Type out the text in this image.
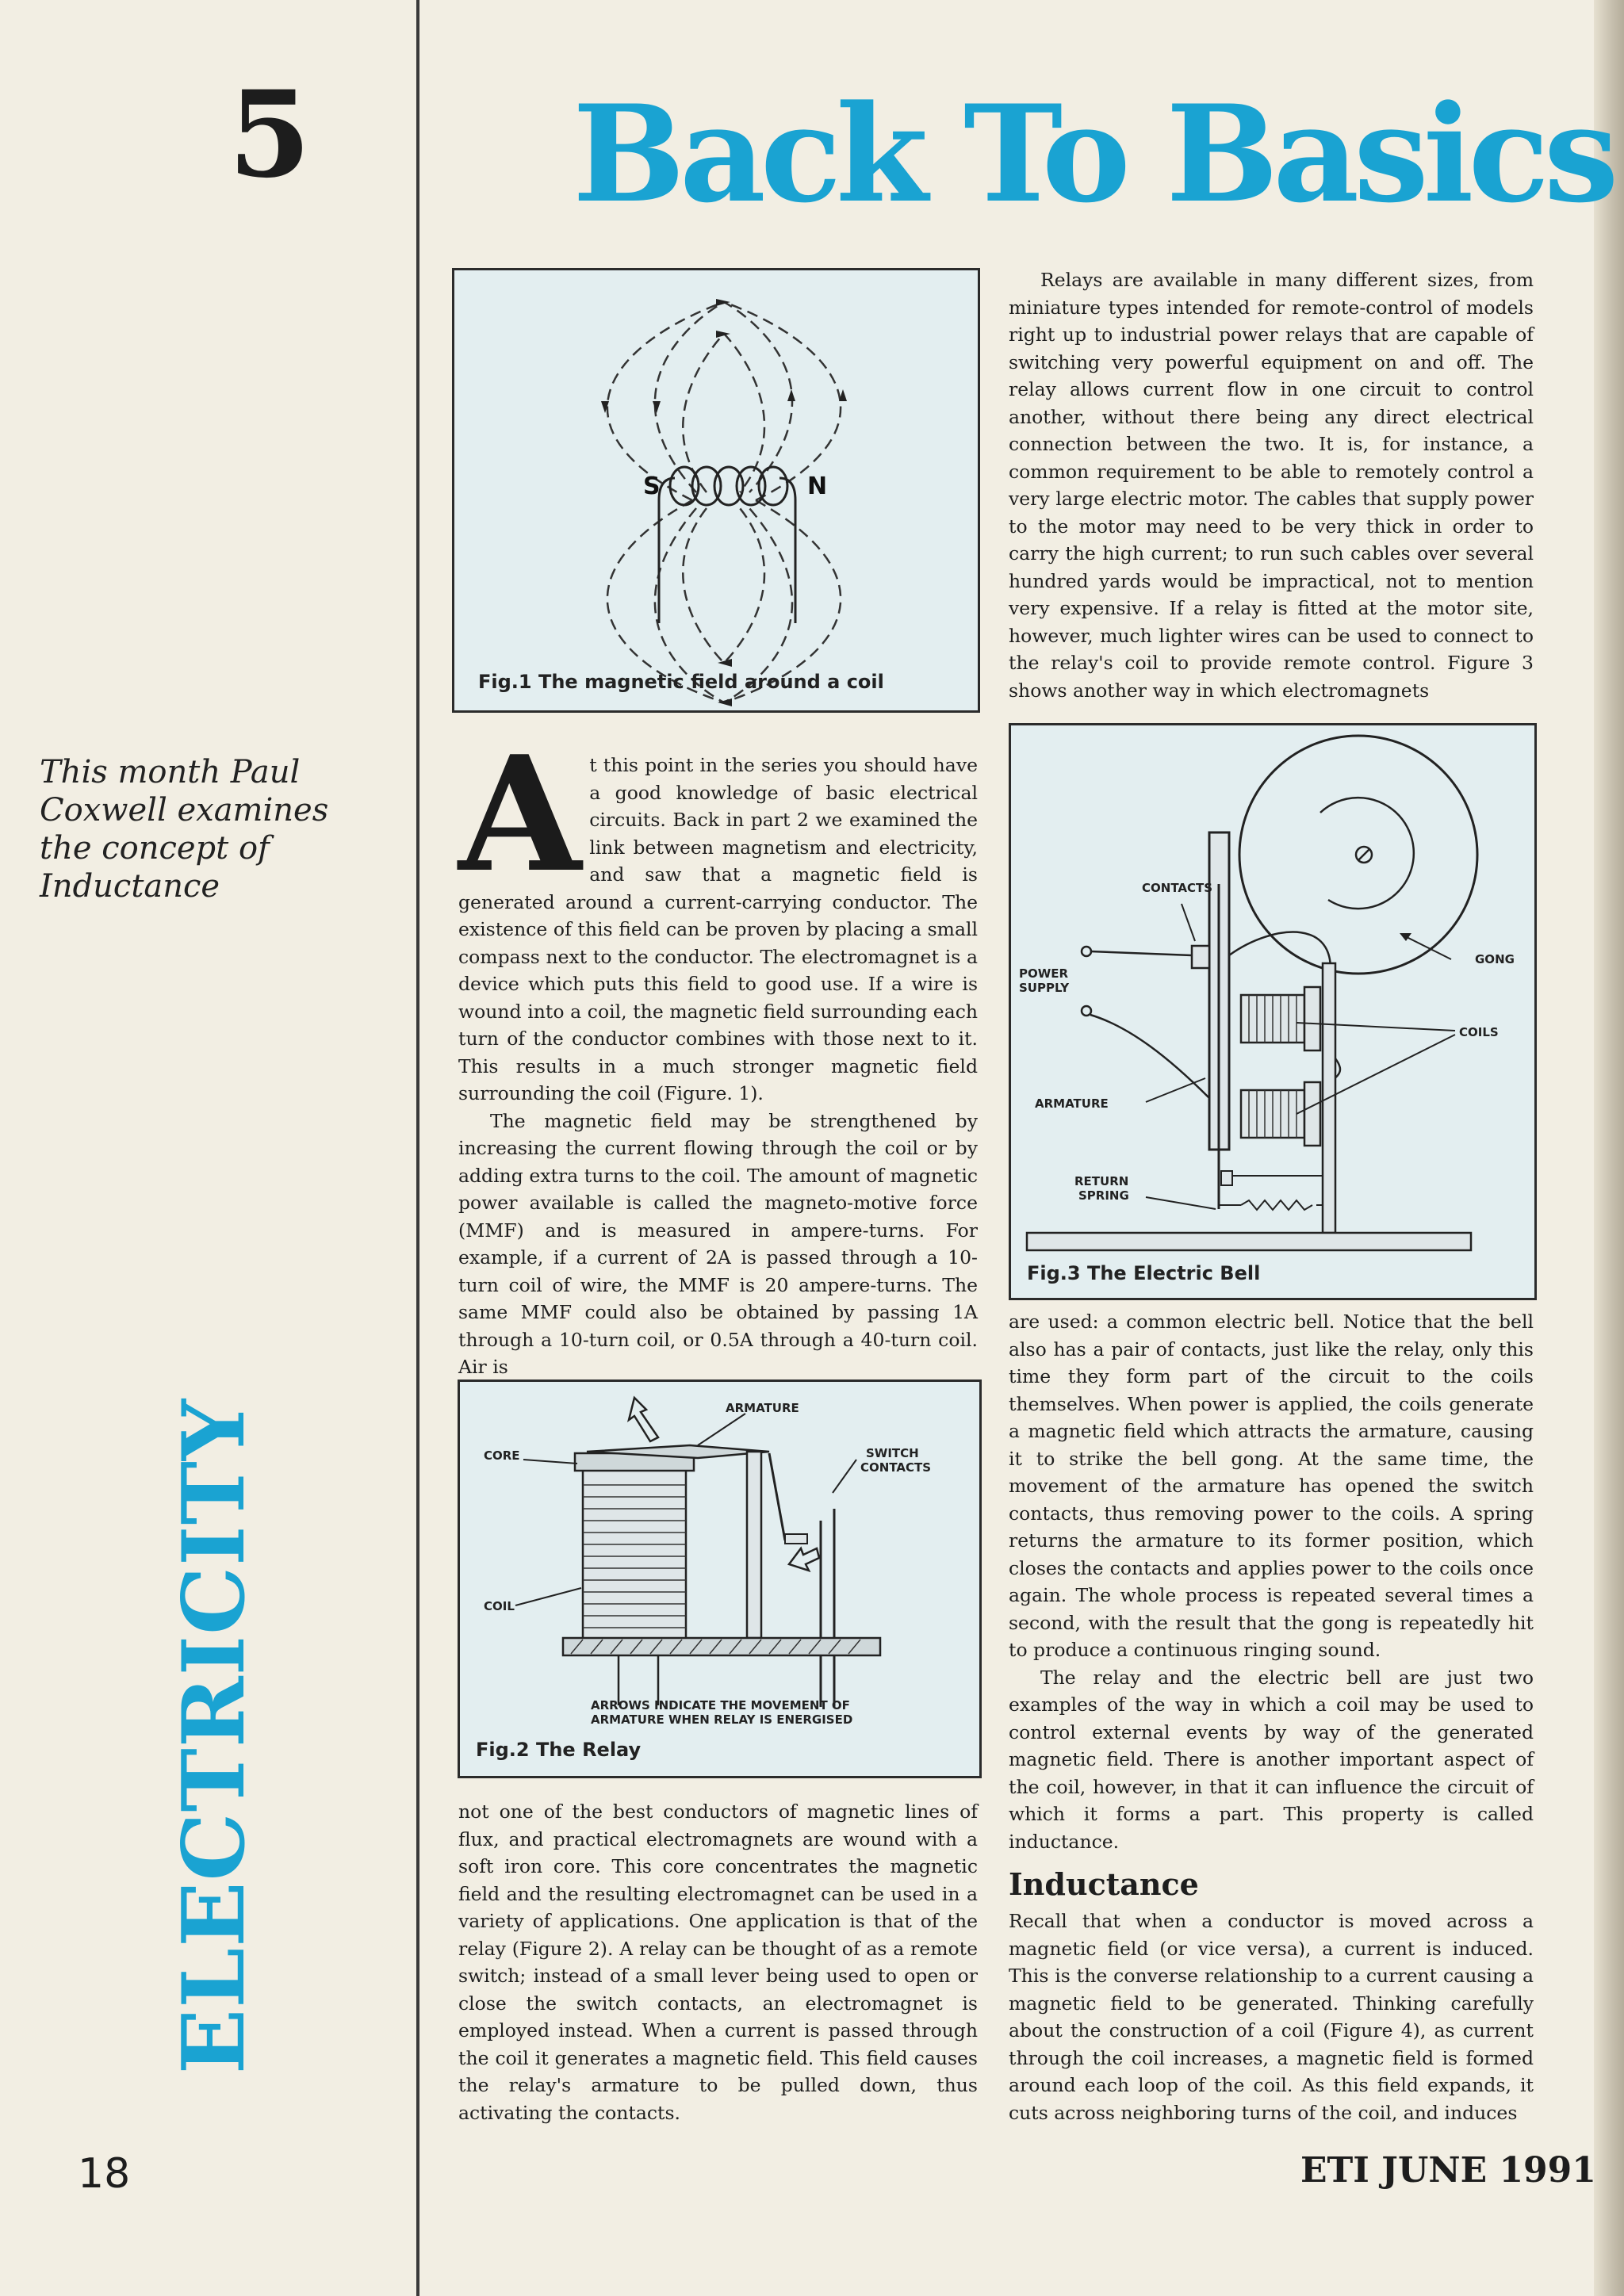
5 Back To Basics
This month Paul Coxwell examines the concept of Inductance
ELECTRICITY
18	ETI JUNE 1991
S	N
Fig.1 The magnetic field around a coil
ARMATURE
CORE	SWITCH
CONTACTS
COIL
ARROWS INDICATE THE MOVEMENT OF
ARMATURE WHEN RELAY IS ENERGISED
Fig.2 The Relay
CONTACTS
POWER
SUPPLY
GONG
COILS
ARMATURE
RETURN
SPRING
Fig.3 The Electric Bell

At this point in the series you should have a good knowledge of basic electrical circuits. Back in part 2 we examined the link between magnetism and electricity, and saw that a magnetic field is generated around a current-carrying conductor. The existence of this field can be proven by placing a small compass next to the conductor. The electromagnet is a device which puts this field to good use. If a wire is wound into a coil, the magnetic field surrounding each turn of the conductor combines with those next to it. This results in a much stronger magnetic field surrounding the coil (Figure. 1).

The magnetic field may be strengthened by increasing the current flowing through the coil or by adding extra turns to the coil. The amount of magnetic power available is called the magneto-motive force (MMF) and is measured in ampere-turns. For example, if a current of 2A is passed through a 10-turn coil of wire, the MMF is 20 ampere-turns. The same MMF could also be obtained by passing 1A through a 10-turn coil, or 0.5A through a 40-turn coil. Air is

not one of the best conductors of magnetic lines of flux, and practical electromagnets are wound with a soft iron core. This core concentrates the magnetic field and the resulting electromagnet can be used in a variety of applications. One application is that of the relay (Figure 2). A relay can be thought of as a remote switch; instead of a small lever being used to open or close the switch contacts, an electromagnet is employed instead. When a current is passed through the coil it generates a magnetic field. This field causes the relay's armature to be pulled down, thus activating the contacts.

Relays are available in many different sizes, from miniature types intended for remote-control of models right up to industrial power relays that are capable of switching very powerful equipment on and off. The relay allows current flow in one circuit to control another, without there being any direct electrical connection between the two. It is, for instance, a common requirement to be able to remotely control a very large electric motor. The cables that supply power to the motor may need to be very thick in order to carry the high current; to run such cables over several hundred yards would be impractical, not to mention very expensive. If a relay is fitted at the motor site, however, much lighter wires can be used to connect to the relay's coil to provide remote control. Figure 3 shows another way in which electromagnets

are used: a common electric bell. Notice that the bell also has a pair of contacts, just like the relay, only this time they form part of the circuit to the coils themselves. When power is applied, the coils generate a magnetic field which attracts the armature, causing it to strike the bell gong. At the same time, the movement of the armature has opened the switch contacts, thus removing power to the coils. A spring returns the armature to its former position, which closes the contacts and applies power to the coils once again. The whole process is repeated several times a second, with the result that the gong is repeatedly hit to produce a continuous ringing sound.

The relay and the electric bell are just two examples of the way in which a coil may be used to control external events by way of the generated magnetic field. There is another important aspect of the coil, however, in that it can influence the circuit of which it forms a part. This property is called inductance.

Inductance

Recall that when a conductor is moved across a magnetic field (or vice versa), a current is induced. This is the converse relationship to a current causing a magnetic field to be generated. Thinking carefully about the construction of a coil (Figure 4), as current through the coil increases, a magnetic field is formed around each loop of the coil. As this field expands, it cuts across neighboring turns of the coil, and induces
